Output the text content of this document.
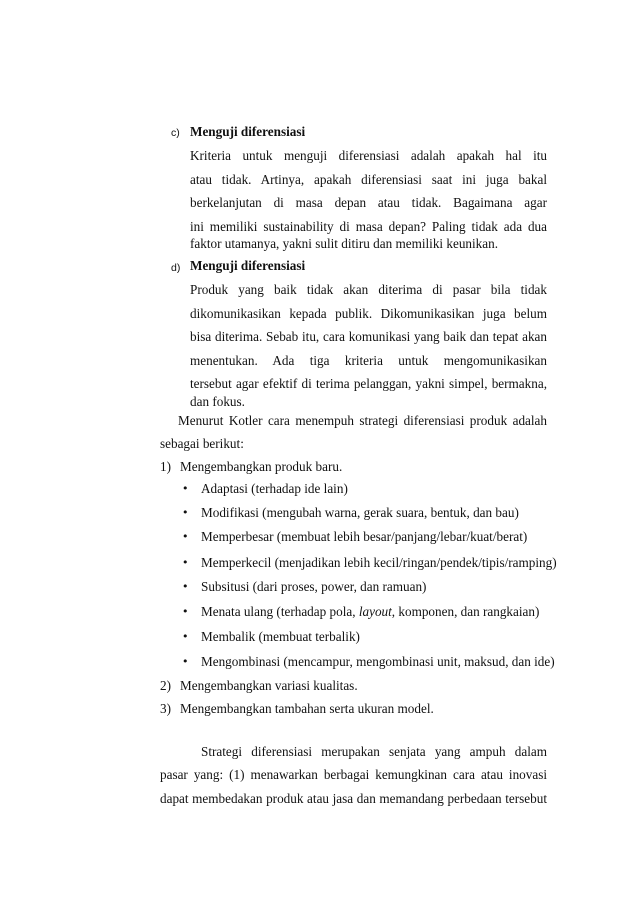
c) Menguji diferensiasi
Kriteria untuk menguji diferensiasi adalah apakah hal itu
atau tidak. Artinya, apakah diferensiasi saat ini juga bakal
berkelanjutan di masa depan atau tidak. Bagaimana agar
ini memiliki sustainability di masa depan? Paling tidak ada dua
faktor utamanya, yakni sulit ditiru dan memiliki keunikan.
d) Menguji diferensiasi
Produk yang baik tidak akan diterima di pasar bila tidak
dikomunikasikan kepada publik. Dikomunikasikan juga belum
bisa diterima. Sebab itu, cara komunikasi yang baik dan tepat akan
menentukan. Ada tiga kriteria untuk mengomunikasikan
tersebut agar efektif di terima pelanggan, yakni simpel, bermakna,
dan fokus.
Menurut Kotler cara menempuh strategi diferensiasi produk adalah
sebagai berikut:
1) Mengembangkan produk baru.
• Adaptasi (terhadap ide lain)
• Modifikasi (mengubah warna, gerak suara, bentuk, dan bau)
• Memperbesar (membuat lebih besar/panjang/lebar/kuat/berat)
• Memperkecil (menjadikan lebih kecil/ringan/pendek/tipis/ramping)
• Subsitusi (dari proses, power, dan ramuan)
• Menata ulang (terhadap pola, layout, komponen, dan rangkaian)
• Membalik (membuat terbalik)
• Mengombinasi (mencampur, mengombinasi unit, maksud, dan ide)
2) Mengembangkan variasi kualitas.
3) Mengembangkan tambahan serta ukuran model.
Strategi diferensiasi merupakan senjata yang ampuh dalam
pasar yang: (1) menawarkan berbagai kemungkinan cara atau inovasi
dapat membedakan produk atau jasa dan memandang perbedaan tersebut
